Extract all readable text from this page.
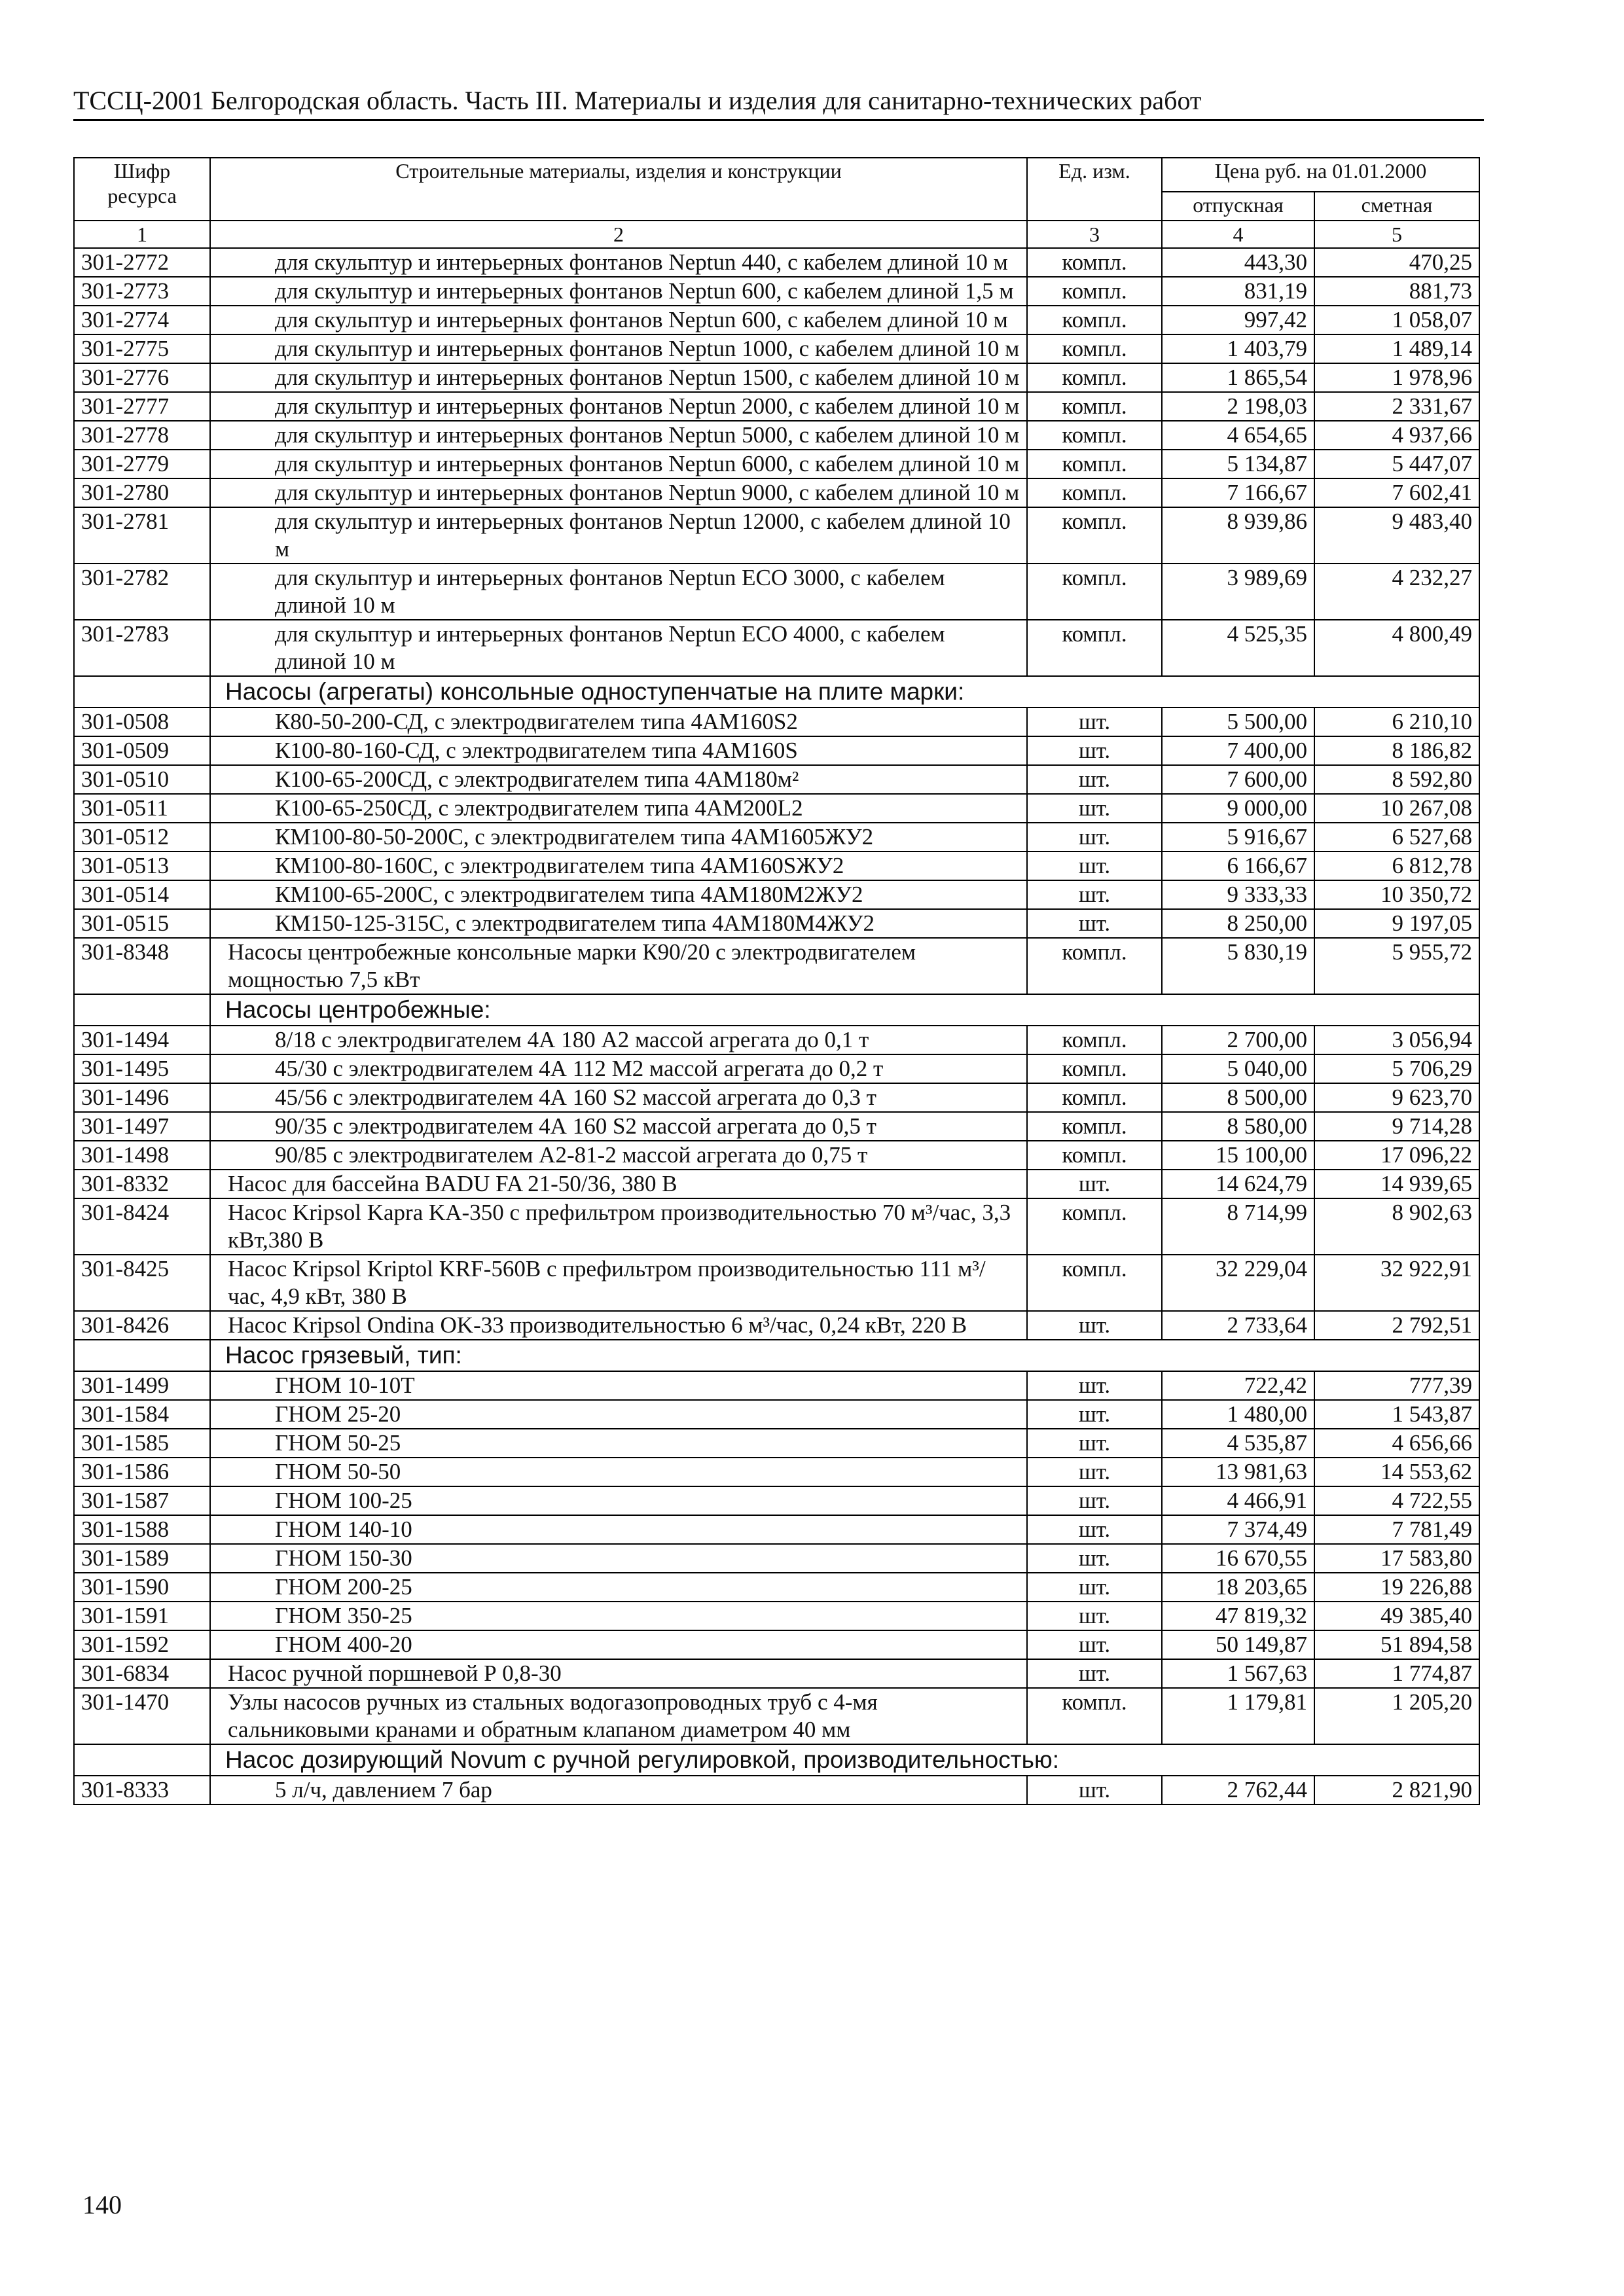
ТССЦ-2001 Белгородская область. Часть III. Материалы и изделия для санитарно-технических работ
Шифр ресурса	Строительные материалы, изделия и конструкции	Ед. изм.	Цена руб. на 01.01.2000	
			отпускная	сметная
1	2	3	4	5
301-2772	для скульптур и интерьерных фонтанов Neptun 440, с кабелем длиной 10 м	компл.	443,30	470,25
301-2773	для скульптур и интерьерных фонтанов Neptun 600, с кабелем длиной 1,5 м	компл.	831,19	881,73
301-2774	для скульптур и интерьерных фонтанов Neptun 600, с кабелем длиной 10 м	компл.	997,42	1 058,07
301-2775	для скульптур и интерьерных фонтанов Neptun 1000, с кабелем длиной 10 м	компл.	1 403,79	1 489,14
301-2776	для скульптур и интерьерных фонтанов Neptun 1500, с кабелем длиной 10 м	компл.	1 865,54	1 978,96
301-2777	для скульптур и интерьерных фонтанов Neptun 2000, с кабелем длиной 10 м	компл.	2 198,03	2 331,67
301-2778	для скульптур и интерьерных фонтанов Neptun 5000, с кабелем длиной 10 м	компл.	4 654,65	4 937,66
301-2779	для скульптур и интерьерных фонтанов Neptun 6000, с кабелем длиной 10 м	компл.	5 134,87	5 447,07
301-2780	для скульптур и интерьерных фонтанов Neptun 9000, с кабелем длиной 10 м	компл.	7 166,67	7 602,41
301-2781	для скульптур и интерьерных фонтанов Neptun 12000, с кабелем длиной 10 м	компл.	8 939,86	9 483,40
301-2782	для скульптур и интерьерных фонтанов Neptun ECO 3000, с кабелем длиной 10 м	компл.	3 989,69	4 232,27
301-2783	для скульптур и интерьерных фонтанов Neptun ECO 4000, с кабелем длиной 10 м	компл.	4 525,35	4 800,49
	Насосы (агрегаты) консольные одноступенчатые на плите марки:			
301-0508	К80-50-200-СД, с электродвигателем типа 4АМ160S2	шт.	5 500,00	6 210,10
301-0509	К100-80-160-СД, с электродвигателем типа 4АМ160S	шт.	7 400,00	8 186,82
301-0510	К100-65-200СД, с электродвигателем типа 4АМ180м²	шт.	7 600,00	8 592,80
301-0511	К100-65-250СД, с электродвигателем типа 4АМ200L2	шт.	9 000,00	10 267,08
301-0512	КМ100-80-50-200С, с электродвигателем типа 4АМ1605ЖУ2	шт.	5 916,67	6 527,68
301-0513	КМ100-80-160С, с электродвигателем типа 4АМ160SЖУ2	шт.	6 166,67	6 812,78
301-0514	КМ100-65-200С, с электродвигателем типа 4АМ180М2ЖУ2	шт.	9 333,33	10 350,72
301-0515	КМ150-125-315С, с электродвигателем типа 4АМ180М4ЖУ2	шт.	8 250,00	9 197,05
301-8348	Насосы центробежные консольные марки К90/20 с электродвигателем мощностью 7,5 кВт	компл.	5 830,19	5 955,72
	Насосы центробежные:			
301-1494	8/18 с электродвигателем 4А 180 А2 массой агрегата до 0,1 т	компл.	2 700,00	3 056,94
301-1495	45/30 с электродвигателем 4А 112 М2 массой агрегата до 0,2 т	компл.	5 040,00	5 706,29
301-1496	45/56 с электродвигателем 4А 160 S2 массой агрегата до 0,3 т	компл.	8 500,00	9 623,70
301-1497	90/35 с электродвигателем 4А 160 S2 массой агрегата до 0,5 т	компл.	8 580,00	9 714,28
301-1498	90/85 с электродвигателем А2-81-2 массой агрегата до 0,75 т	компл.	15 100,00	17 096,22
301-8332	Насос для бассейна BADU FA 21-50/36, 380 В	шт.	14 624,79	14 939,65
301-8424	Насос Kripsol Kapra KA-350 с префильтром производительностью 70 м³/час, 3,3 кВт,380 В	компл.	8 714,99	8 902,63
301-8425	Насос Kripsol Kriptol KRF-560В с префильтром производительностью 111 м³/час, 4,9 кВт, 380 В	компл.	32 229,04	32 922,91
301-8426	Насос Kripsol Ondina OK-33 производительностью 6 м³/час, 0,24 кВт, 220 В	шт.	2 733,64	2 792,51
	Насос грязевый, тип:			
301-1499	ГНОМ 10-10Т	шт.	722,42	777,39
301-1584	ГНОМ 25-20	шт.	1 480,00	1 543,87
301-1585	ГНОМ 50-25	шт.	4 535,87	4 656,66
301-1586	ГНОМ 50-50	шт.	13 981,63	14 553,62
301-1587	ГНОМ 100-25	шт.	4 466,91	4 722,55
301-1588	ГНОМ 140-10	шт.	7 374,49	7 781,49
301-1589	ГНОМ 150-30	шт.	16 670,55	17 583,80
301-1590	ГНОМ 200-25	шт.	18 203,65	19 226,88
301-1591	ГНОМ 350-25	шт.	47 819,32	49 385,40
301-1592	ГНОМ 400-20	шт.	50 149,87	51 894,58
301-6834	Насос ручной поршневой Р 0,8-30	шт.	1 567,63	1 774,87
301-1470	Узлы насосов ручных из стальных водогазопроводных труб с 4-мя сальниковыми кранами и обратным клапаном диаметром 40 мм	компл.	1 179,81	1 205,20
	Насос дозирующий Novum с ручной регулировкой, производительностью:			
301-8333	5 л/ч, давлением 7 бар	шт.	2 762,44	2 821,90
140
